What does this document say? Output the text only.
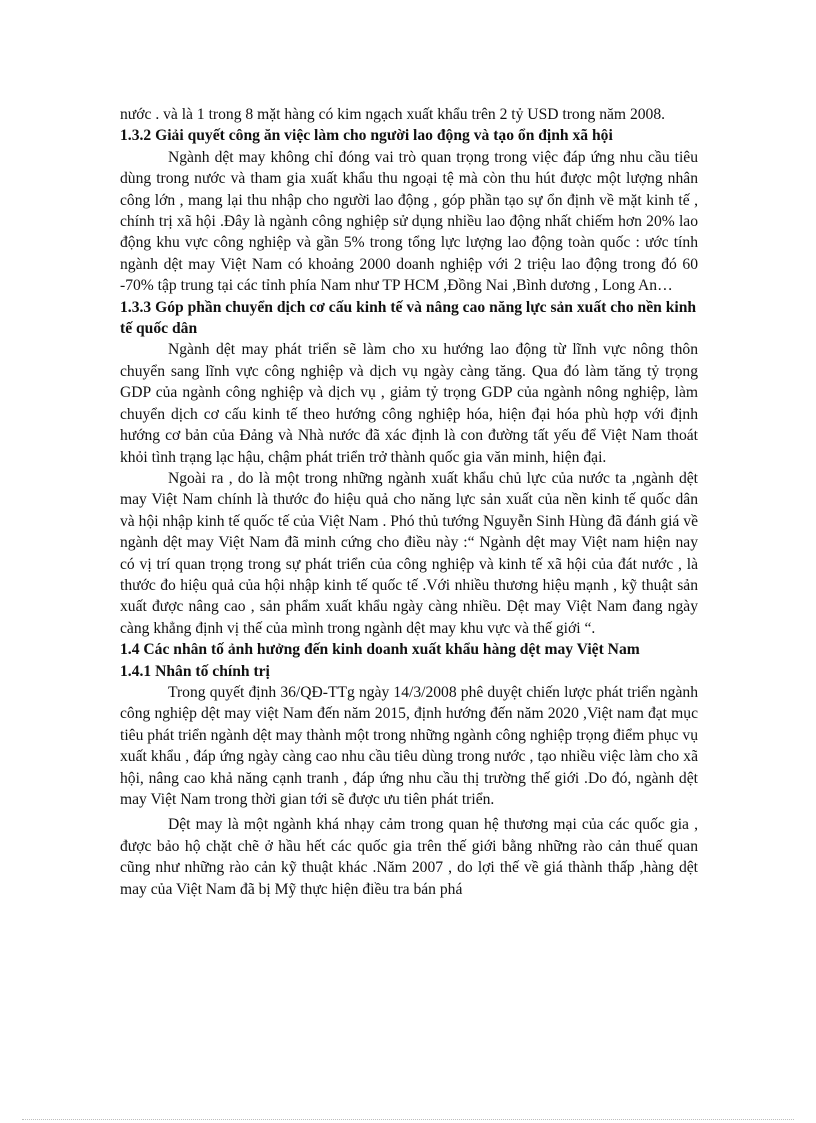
nước . và là 1 trong 8 mặt hàng có kim ngạch xuất khẩu trên 2 tỷ USD trong năm 2008.

1.3.2 Giải quyết công ăn việc làm cho người lao động và tạo ổn định xã hội

Ngành dệt may không chỉ đóng vai trò quan trọng trong việc đáp ứng nhu cầu tiêu dùng trong nước và tham gia xuất khẩu thu ngoại tệ mà còn thu hút được một lượng nhân công lớn , mang lại thu nhập cho người lao động , góp phần tạo sự ổn định về mặt kinh tế , chính trị xã hội .Đây là ngành công nghiệp sử dụng nhiều lao động nhất chiếm hơn 20% lao động khu vực công nghiệp và gần 5% trong tổng lực lượng lao động toàn quốc : ước tính ngành dệt may Việt Nam có khoảng 2000 doanh nghiệp với 2 triệu lao động trong đó 60 -70% tập trung tại các tỉnh phía Nam như TP HCM ,Đồng Nai ,Bình dương , Long An…

1.3.3 Góp phần chuyển dịch cơ cấu kinh tế và nâng cao năng lực sản xuất cho nền kinh tế quốc dân

Ngành dệt may phát triển sẽ làm cho xu hướng lao động từ lĩnh vực nông thôn chuyển sang lĩnh vực công nghiệp và dịch vụ ngày càng tăng. Qua đó làm tăng tỷ trọng GDP của ngành công nghiệp và dịch vụ , giảm tỷ trọng GDP của ngành nông nghiệp, làm chuyển dịch cơ cấu kinh tế theo hướng công nghiệp hóa, hiện đại hóa phù hợp với định hướng cơ bản của Đảng và Nhà nước đã xác định là con đường tất yếu để Việt Nam thoát khỏi tình trạng lạc hậu, chậm phát triển trở thành quốc gia văn minh, hiện đại.

Ngoài ra , do là một trong những ngành xuất khẩu chủ lực của nước ta ,ngành dệt may Việt Nam chính là thước đo hiệu quả cho năng lực sản xuất của nền kinh tế quốc dân và hội nhập kinh tế quốc tế của Việt Nam . Phó thủ tướng Nguyễn Sinh Hùng đã đánh giá về ngành dệt may Việt Nam đã minh cứng cho điều này :“ Ngành dệt may Việt nam hiện nay có vị trí quan trọng trong sự phát triển của công nghiệp và kinh tế xã hội của đát nước , là thước đo hiệu quả của hội nhập kinh tế quốc tế .Với nhiều thương hiệu mạnh , kỹ thuật sản xuất được nâng cao , sản phẩm xuất khẩu ngày càng nhiều. Dệt may Việt Nam đang ngày càng khẳng định vị thế của mình trong ngành dệt may khu vực và thế giới “.

1.4 Các nhân tố ảnh hưởng đến kinh doanh xuất khẩu hàng dệt may Việt Nam
1.4.1 Nhân tố chính trị

Trong quyết định 36/QĐ-TTg ngày 14/3/2008 phê duyệt chiến lược phát triển ngành công nghiệp dệt may việt Nam đến năm 2015, định hướng đến năm 2020 ,Việt nam đạt mục tiêu phát triển ngành dệt may thành một trong những ngành công nghiệp trọng điểm phục vụ xuất khẩu , đáp ứng ngày càng cao nhu cầu tiêu dùng trong nước , tạo nhiều việc làm cho xã hội, nâng cao khả năng cạnh tranh , đáp ứng nhu cầu thị trường thế giới .Do đó, ngành dệt may Việt Nam trong thời gian tới sẽ được ưu tiên phát triển.

Dệt may là một ngành khá nhạy cảm trong quan hệ thương mại của các quốc gia , được bảo hộ chặt chẽ ở hầu hết các quốc gia trên thế giới bằng những rào cản thuế quan cũng như những rào cản kỹ thuật khác .Năm 2007 , do lợi thế về giá thành thấp ,hàng dệt may của Việt Nam đã bị Mỹ thực hiện điều tra bán phá
